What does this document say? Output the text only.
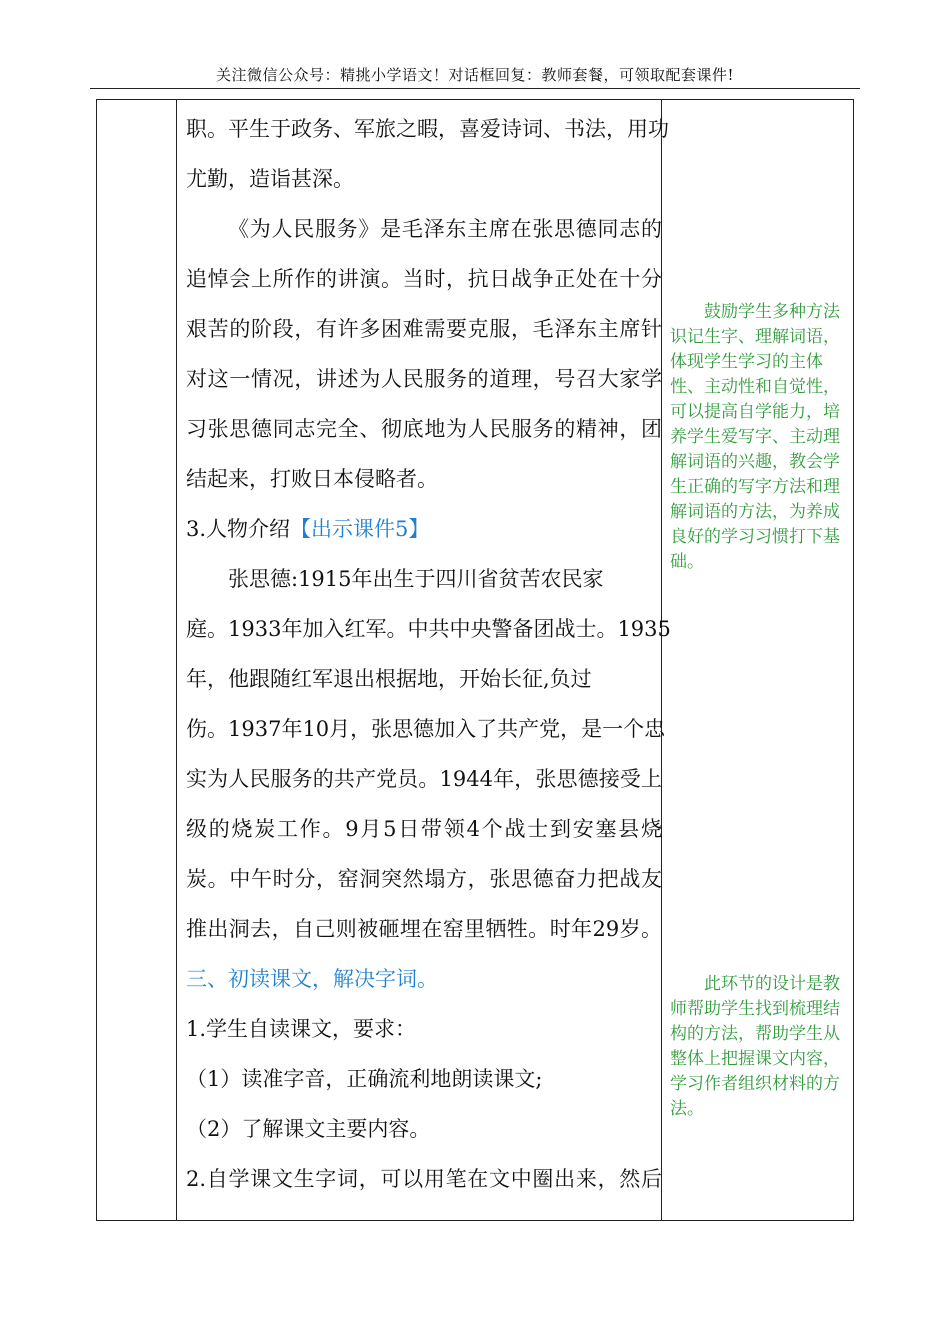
关注微信公众号：精挑小学语文！对话框回复：教师套餐，可领取配套课件!
职。平生于政务、军旅之暇，喜爱诗词、书法，用功
尤勤，造诣甚深。
《为人民服务》是毛泽东主席在张思德同志的
追悼会上所作的讲演。当时，抗日战争正处在十分
艰苦的阶段，有许多困难需要克服，毛泽东主席针
对这一情况，讲述为人民服务的道理，号召大家学
习张思德同志完全、彻底地为人民服务的精神，团
结起来，打败日本侵略者。
3.人物介绍【出示课件5】
张思德:1915年出生于四川省贫苦农民家
庭。1933年加入红军。中共中央警备团战士。1935
年，他跟随红军退出根据地，开始长征,负过
伤。1937年10月，张思德加入了共产党，是一个忠
实为人民服务的共产党员。1944年，张思德接受上
级的烧炭工作。9月5日带领4个战士到安塞县烧
炭。中午时分，窑洞突然塌方，张思德奋力把战友
推出洞去，自己则被砸埋在窑里牺牲。时年29岁。
三、初读课文，解决字词。
1.学生自读课文，要求：
（1）读准字音，正确流利地朗读课文;
（2）了解课文主要内容。
2.自学课文生字词，可以用笔在文中圈出来，然后

鼓励学生多种方法识记生字、理解词语，体现学生学习的主体性、主动性和自觉性，可以提高自学能力，培养学生爱写字、主动理解词语的兴趣，教会学生正确的写字方法和理解词语的方法，为养成良好的学习习惯打下基础。

此环节的设计是教师帮助学生找到梳理结构的方法，帮助学生从整体上把握课文内容，学习作者组织材料的方法。
